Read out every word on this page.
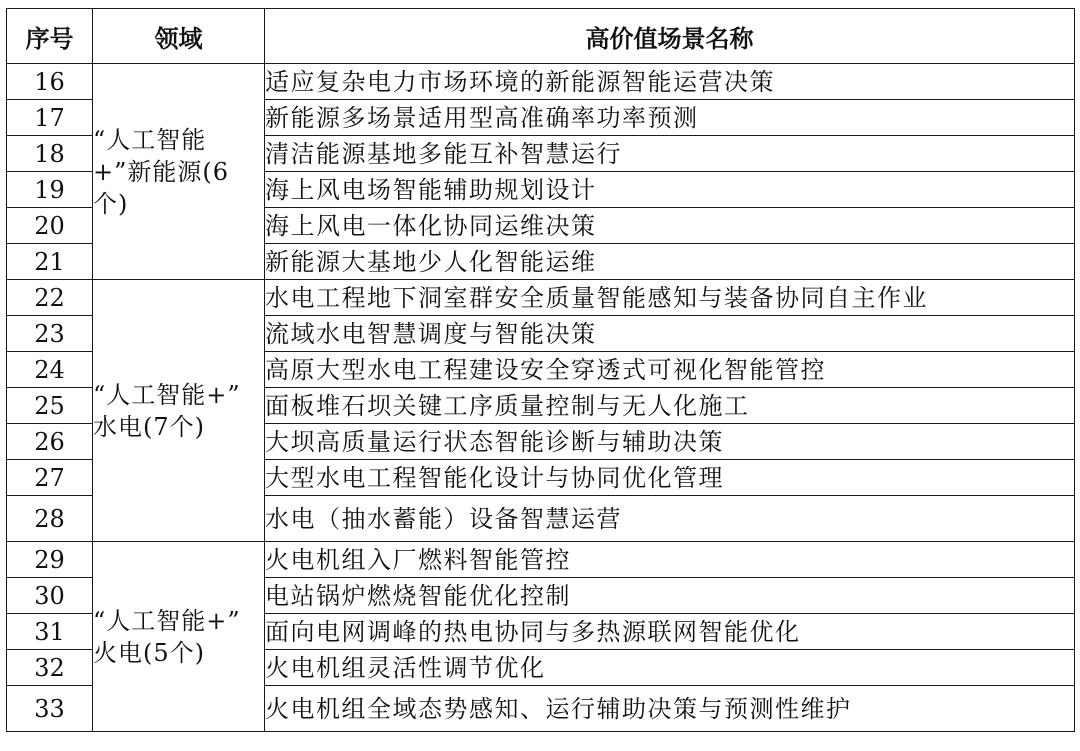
序号	领域	高价值场景名称
16	“人工智能+”新能源(6个)	适应复杂电力市场环境的新能源智能运营决策
17		新能源多场景适用型高准确率功率预测
18		清洁能源基地多能互补智慧运行
19		海上风电场智能辅助规划设计
20		海上风电一体化协同运维决策
21		新能源大基地少人化智能运维
22	“人工智能+” 水电(7个)	水电工程地下洞室群安全质量智能感知与装备协同自主作业
23		流域水电智慧调度与智能决策
24		高原大型水电工程建设安全穿透式可视化智能管控
25		面板堆石坝关键工序质量控制与无人化施工
26		大坝高质量运行状态智能诊断与辅助决策
27		大型水电工程智能化设计与协同优化管理
28		水电（抽水蓄能）设备智慧运营
29	“人工智能+” 火电(5个)	火电机组入厂燃料智能管控
30		电站锅炉燃烧智能优化控制
31		面向电网调峰的热电协同与多热源联网智能优化
32		火电机组灵活性调节优化
33		火电机组全域态势感知、运行辅助决策与预测性维护
